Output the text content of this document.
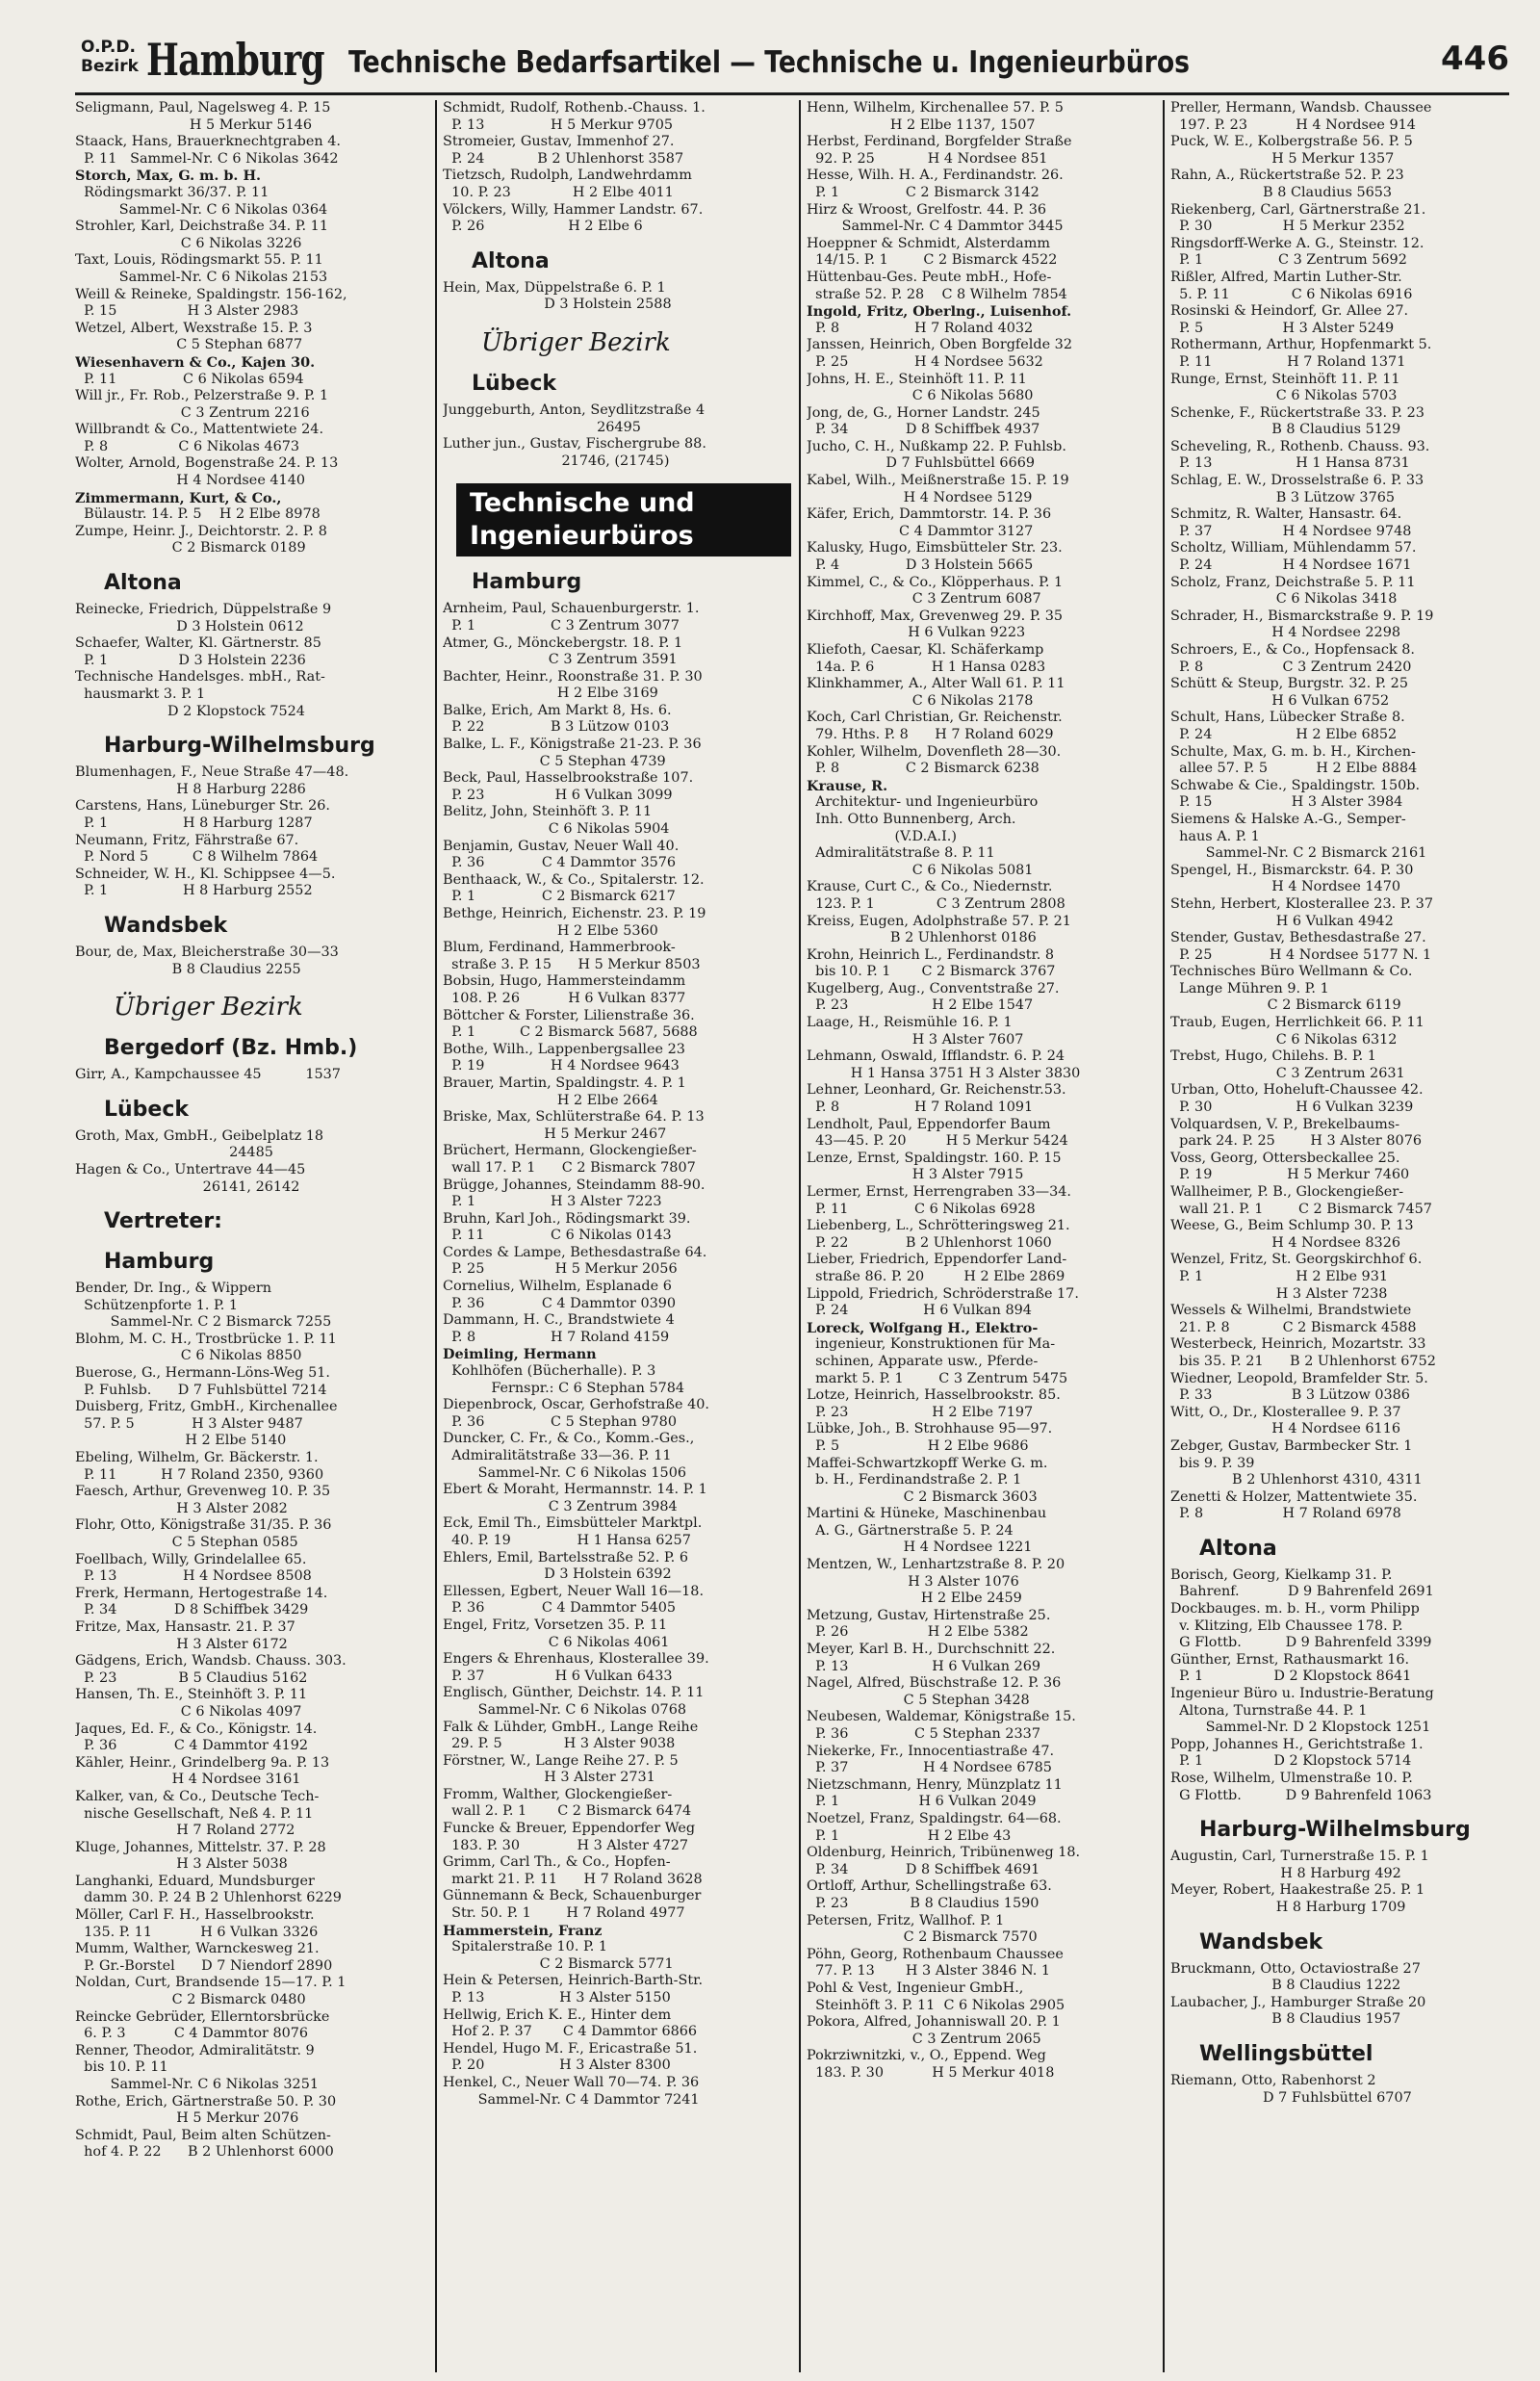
O.P.D.
Bezirk Hamburg Technische Bedarfsartikel — Technische u. Ingenieurbüros	446
Seligmann, Paul, Nagelsweg 4. P. 15
H 5 Merkur 5146
Staack, Hans, Brauerknechtgraben 4.
P. 11   Sammel-Nr. C 6 Nikolas 3642
Storch, Max, G. m. b. H.
Rödingsmarkt 36/37. P. 11
Sammel-Nr. C 6 Nikolas 0364
Strohler, Karl, Deichstraße 34. P. 11
C 6 Nikolas 3226
Taxt, Louis, Rödingsmarkt 55. P. 11
Sammel-Nr. C 6 Nikolas 2153
Weill & Reineke, Spaldingstr. 156-162,
P. 15                H 3 Alster 2983
Wetzel, Albert, Wexstraße 15. P. 3
C 5 Stephan 6877
Wiesenhavern & Co., Kajen 30.
P. 11               C 6 Nikolas 6594
Will jr., Fr. Rob., Pelzerstraße 9. P. 1
C 3 Zentrum 2216
Willbrandt & Co., Mattentwiete 24.
P. 8                C 6 Nikolas 4673
Wolter, Arnold, Bogenstraße 24. P. 13
H 4 Nordsee 4140
Zimmermann, Kurt, & Co.,
Bülaustr. 14. P. 5    H 2 Elbe 8978
Zumpe, Heinr. J., Deichtorstr. 2. P. 8
C 2 Bismarck 0189
Altona
Reinecke, Friedrich, Düppelstraße 9
D 3 Holstein 0612
Schaefer, Walter, Kl. Gärtnerstr. 85
P. 1                D 3 Holstein 2236
Technische Handelsges. mbH., Rat-
hausmarkt 3. P. 1
D 2 Klopstock 7524
Harburg-Wilhelmsburg
Blumenhagen, F., Neue Straße 47—48.
H 8 Harburg 2286
Carstens, Hans, Lüneburger Str. 26.
P. 1                 H 8 Harburg 1287
Neumann, Fritz, Fährstraße 67.
P. Nord 5          C 8 Wilhelm 7864
Schneider, W. H., Kl. Schippsee 4—5.
P. 1                 H 8 Harburg 2552
Wandsbek
Bour, de, Max, Bleicherstraße 30—33
B 8 Claudius 2255
Übriger Bezirk
Bergedorf (Bz. Hmb.)
Girr, A., Kampchaussee 45          1537
Lübeck
Groth, Max, GmbH., Geibelplatz 18
24485
Hagen & Co., Untertrave 44—45
26141, 26142
Vertreter:
Hamburg
Bender, Dr. Ing., & Wippern
Schützenpforte 1. P. 1
Sammel-Nr. C 2 Bismarck 7255
Blohm, M. C. H., Trostbrücke 1. P. 11
C 6 Nikolas 8850
Buerose, G., Hermann-Löns-Weg 51.
P. Fuhlsb.      D 7 Fuhlsbüttel 7214
Duisberg, Fritz, GmbH., Kirchenallee
57. P. 5             H 3 Alster 9487
H 2 Elbe 5140
Ebeling, Wilhelm, Gr. Bäckerstr. 1.
P. 11          H 7 Roland 2350, 9360
Faesch, Arthur, Grevenweg 10. P. 35
H 3 Alster 2082
Flohr, Otto, Königstraße 31/35. P. 36
C 5 Stephan 0585
Foellbach, Willy, Grindelallee 65.
P. 13               H 4 Nordsee 8508
Frerk, Hermann, Hertogestraße 14.
P. 34             D 8 Schiffbek 3429
Fritze, Max, Hansastr. 21. P. 37
H 3 Alster 6172
Gädgens, Erich, Wandsb. Chauss. 303.
P. 23              B 5 Claudius 5162
Hansen, Th. E., Steinhöft 3. P. 11
C 6 Nikolas 4097
Jaques, Ed. F., & Co., Königstr. 14.
P. 36             C 4 Dammtor 4192
Kähler, Heinr., Grindelberg 9a. P. 13
H 4 Nordsee 3161
Kalker, van, & Co., Deutsche Tech-
nische Gesellschaft, Neß 4. P. 11
H 7 Roland 2772
Kluge, Johannes, Mittelstr. 37. P. 28
H 3 Alster 5038
Langhanki, Eduard, Mundsburger
damm 30. P. 24 B 2 Uhlenhorst 6229
Möller, Carl F. H., Hasselbrookstr.
135. P. 11           H 6 Vulkan 3326
Mumm, Walther, Warnckesweg 21.
P. Gr.-Borstel      D 7 Niendorf 2890
Noldan, Curt, Brandsende 15—17. P. 1
C 2 Bismarck 0480
Reincke Gebrüder, Ellerntorsbrücke
6. P. 3           C 4 Dammtor 8076
Renner, Theodor, Admiralitätstr. 9
bis 10. P. 11
Sammel-Nr. C 6 Nikolas 3251
Rothe, Erich, Gärtnerstraße 50. P. 30
H 5 Merkur 2076
Schmidt, Paul, Beim alten Schützen-
hof 4. P. 22      B 2 Uhlenhorst 6000
Schmidt, Rudolf, Rothenb.-Chauss. 1.
P. 13               H 5 Merkur 9705
Stromeier, Gustav, Immenhof 27.
P. 24            B 2 Uhlenhorst 3587
Tietzsch, Rudolph, Landwehrdamm
10. P. 23              H 2 Elbe 4011
Völckers, Willy, Hammer Landstr. 67.
P. 26                   H 2 Elbe 6
Altona
Hein, Max, Düppelstraße 6. P. 1
D 3 Holstein 2588
Übriger Bezirk
Lübeck
Junggeburth, Anton, Seydlitzstraße 4
26495
Luther jun., Gustav, Fischergrube 88.
21746, (21745)
Technische und Ingenieurbüros
Hamburg
Arnheim, Paul, Schauenburgerstr. 1.
P. 1                 C 3 Zentrum 3077
Atmer, G., Mönckebergstr. 18. P. 1
C 3 Zentrum 3591
Bachter, Heinr., Roonstraße 31. P. 30
H 2 Elbe 3169
Balke, Erich, Am Markt 8, Hs. 6.
P. 22               B 3 Lützow 0103
Balke, L. F., Königstraße 21-23. P. 36
C 5 Stephan 4739
Beck, Paul, Hasselbrookstraße 107.
P. 23                H 6 Vulkan 3099
Belitz, John, Steinhöft 3. P. 11
C 6 Nikolas 5904
Benjamin, Gustav, Neuer Wall 40.
P. 36             C 4 Dammtor 3576
Benthaack, W., & Co., Spitalerstr. 12.
P. 1               C 2 Bismarck 6217
Bethge, Heinrich, Eichenstr. 23. P. 19
H 2 Elbe 5360
Blum, Ferdinand, Hammerbrook-
straße 3. P. 15      H 5 Merkur 8503
Bobsin, Hugo, Hammersteindamm
108. P. 26           H 6 Vulkan 8377
Böttcher & Forster, Lilienstraße 36.
P. 1          C 2 Bismarck 5687, 5688
Bothe, Wilh., Lappenbergsallee 23
P. 19               H 4 Nordsee 9643
Brauer, Martin, Spaldingstr. 4. P. 1
H 2 Elbe 2664
Briske, Max, Schlüterstraße 64. P. 13
H 5 Merkur 2467
Brüchert, Hermann, Glockengießer-
wall 17. P. 1      C 2 Bismarck 7807
Brügge, Johannes, Steindamm 88-90.
P. 1                 H 3 Alster 7223
Bruhn, Karl Joh., Rödingsmarkt 39.
P. 11               C 6 Nikolas 0143
Cordes & Lampe, Bethesdastraße 64.
P. 25                H 5 Merkur 2056
Cornelius, Wilhelm, Esplanade 6
P. 36             C 4 Dammtor 0390
Dammann, H. C., Brandstwiete 4
P. 8                 H 7 Roland 4159
Deimling, Hermann
Kohlhöfen (Bücherhalle). P. 3
Fernspr.: C 6 Stephan 5784
Diepenbrock, Oscar, Gerhofstraße 40.
P. 36               C 5 Stephan 9780
Duncker, C. Fr., & Co., Komm.-Ges.,
Admiralitätstraße 33—36. P. 11
Sammel-Nr. C 6 Nikolas 1506
Ebert & Moraht, Hermannstr. 14. P. 1
C 3 Zentrum 3984
Eck, Emil Th., Eimsbütteler Marktpl.
40. P. 19               H 1 Hansa 6257
Ehlers, Emil, Bartelsstraße 52. P. 6
D 3 Holstein 6392
Ellessen, Egbert, Neuer Wall 16—18.
P. 36             C 4 Dammtor 5405
Engel, Fritz, Vorsetzen 35. P. 11
C 6 Nikolas 4061
Engers & Ehrenhaus, Klosterallee 39.
P. 37                H 6 Vulkan 6433
Englisch, Günther, Deichstr. 14. P. 11
Sammel-Nr. C 6 Nikolas 0768
Falk & Lühder, GmbH., Lange Reihe
29. P. 5              H 3 Alster 9038
Förstner, W., Lange Reihe 27. P. 5
H 3 Alster 2731
Fromm, Walther, Glockengießer-
wall 2. P. 1       C 2 Bismarck 6474
Funcke & Breuer, Eppendorfer Weg
183. P. 30             H 3 Alster 4727
Grimm, Carl Th., & Co., Hopfen-
markt 21. P. 11      H 7 Roland 3628
Günnemann & Beck, Schauenburger
Str. 50. P. 1        H 7 Roland 4977
Hammerstein, Franz
Spitalerstraße 10. P. 1
C 2 Bismarck 5771
Hein & Petersen, Heinrich-Barth-Str.
P. 13                 H 3 Alster 5150
Hellwig, Erich K. E., Hinter dem
Hof 2. P. 37       C 4 Dammtor 6866
Hendel, Hugo M. F., Ericastraße 51.
P. 20                 H 3 Alster 8300
Henkel, C., Neuer Wall 70—74. P. 36
Sammel-Nr. C 4 Dammtor 7241
Henn, Wilhelm, Kirchenallee 57. P. 5
H 2 Elbe 1137, 1507
Herbst, Ferdinand, Borgfelder Straße
92. P. 25            H 4 Nordsee 851
Hesse, Wilh. H. A., Ferdinandstr. 26.
P. 1               C 2 Bismarck 3142
Hirz & Wroost, Grelfostr. 44. P. 36
Sammel-Nr. C 4 Dammtor 3445
Hoeppner & Schmidt, Alsterdamm
14/15. P. 1        C 2 Bismarck 4522
Hüttenbau-Ges. Peute mbH., Hofe-
straße 52. P. 28    C 8 Wilhelm 7854
Ingold, Fritz, Oberlng., Luisenhof.
P. 8                 H 7 Roland 4032
Janssen, Heinrich, Oben Borgfelde 32
P. 25               H 4 Nordsee 5632
Johns, H. E., Steinhöft 11. P. 11
C 6 Nikolas 5680
Jong, de, G., Horner Landstr. 245
P. 34             D 8 Schiffbek 4937
Jucho, C. H., Nußkamp 22. P. Fuhlsb.
D 7 Fuhlsbüttel 6669
Kabel, Wilh., Meißnerstraße 15. P. 19
H 4 Nordsee 5129
Käfer, Erich, Dammtorstr. 14. P. 36
C 4 Dammtor 3127
Kalusky, Hugo, Eimsbütteler Str. 23.
P. 4               D 3 Holstein 5665
Kimmel, C., & Co., Klöpperhaus. P. 1
C 3 Zentrum 6087
Kirchhoff, Max, Grevenweg 29. P. 35
H 6 Vulkan 9223
Kliefoth, Caesar, Kl. Schäferkamp
14a. P. 6             H 1 Hansa 0283
Klinkhammer, A., Alter Wall 61. P. 11
C 6 Nikolas 2178
Koch, Carl Christian, Gr. Reichenstr.
79. Hths. P. 8      H 7 Roland 6029
Kohler, Wilhelm, Dovenfleth 28—30.
P. 8               C 2 Bismarck 6238
Krause, R.
Architektur- und Ingenieurbüro
Inh. Otto Bunnenberg, Arch.
(V.D.A.I.)
Admiralitätstraße 8. P. 11
C 6 Nikolas 5081
Krause, Curt C., & Co., Niedernstr.
123. P. 1              C 3 Zentrum 2808
Kreiss, Eugen, Adolphstraße 57. P. 21
B 2 Uhlenhorst 0186
Krohn, Heinrich L., Ferdinandstr. 8
bis 10. P. 1       C 2 Bismarck 3767
Kugelberg, Aug., Conventstraße 27.
P. 23                   H 2 Elbe 1547
Laage, H., Reismühle 16. P. 1
H 3 Alster 7607
Lehmann, Oswald, Ifflandstr. 6. P. 24
H 1 Hansa 3751 H 3 Alster 3830
Lehner, Leonhard, Gr. Reichenstr.53.
P. 8                 H 7 Roland 1091
Lendholt, Paul, Eppendorfer Baum
43—45. P. 20         H 5 Merkur 5424
Lenze, Ernst, Spaldingstr. 160. P. 15
H 3 Alster 7915
Lermer, Ernst, Herrengraben 33—34.
P. 11               C 6 Nikolas 6928
Liebenberg, L., Schrötteringsweg 21.
P. 22             B 2 Uhlenhorst 1060
Lieber, Friedrich, Eppendorfer Land-
straße 86. P. 20         H 2 Elbe 2869
Lippold, Friedrich, Schröderstraße 17.
P. 24                 H 6 Vulkan 894
Loreck, Wolfgang H., Elektro-
ingenieur, Konstruktionen für Ma-
schinen, Apparate usw., Pferde-
markt 5. P. 1        C 3 Zentrum 5475
Lotze, Heinrich, Hasselbrookstr. 85.
P. 23                   H 2 Elbe 7197
Lübke, Joh., B. Strohhause 95—97.
P. 5                    H 2 Elbe 9686
Maffei-Schwartzkopff Werke G. m.
b. H., Ferdinandstraße 2. P. 1
C 2 Bismarck 3603
Martini & Hüneke, Maschinenbau
A. G., Gärtnerstraße 5. P. 24
H 4 Nordsee 1221
Mentzen, W., Lenhartzstraße 8. P. 20
H 3 Alster 1076
H 2 Elbe 2459
Metzung, Gustav, Hirtenstraße 25.
P. 26                  H 2 Elbe 5382
Meyer, Karl B. H., Durchschnitt 22.
P. 13                   H 6 Vulkan 269
Nagel, Alfred, Büschstraße 12. P. 36
C 5 Stephan 3428
Neubesen, Waldemar, Königstraße 15.
P. 36               C 5 Stephan 2337
Niekerke, Fr., Innocentiastraße 47.
P. 37                 H 4 Nordsee 6785
Nietzschmann, Henry, Münzplatz 11
P. 1                  H 6 Vulkan 2049
Noetzel, Franz, Spaldingstr. 64—68.
P. 1                    H 2 Elbe 43
Oldenburg, Heinrich, Tribünenweg 18.
P. 34             D 8 Schiffbek 4691
Ortloff, Arthur, Schellingstraße 63.
P. 23              B 8 Claudius 1590
Petersen, Fritz, Wallhof. P. 1
C 2 Bismarck 7570
Pöhn, Georg, Rothenbaum Chaussee
77. P. 13       H 3 Alster 3846 N. 1
Pohl & Vest, Ingenieur GmbH.,
Steinhöft 3. P. 11  C 6 Nikolas 2905
Pokora, Alfred, Johanniswall 20. P. 1
C 3 Zentrum 2065
Pokrziwnitzki, v., O., Eppend. Weg
183. P. 30           H 5 Merkur 4018
Preller, Hermann, Wandsb. Chaussee
197. P. 23           H 4 Nordsee 914
Puck, W. E., Kolbergstraße 56. P. 5
H 5 Merkur 1357
Rahn, A., Rückertstraße 52. P. 23
B 8 Claudius 5653
Riekenberg, Carl, Gärtnerstraße 21.
P. 30                H 5 Merkur 2352
Ringsdorff-Werke A. G., Steinstr. 12.
P. 1                 C 3 Zentrum 5692
Rißler, Alfred, Martin Luther-Str.
5. P. 11              C 6 Nikolas 6916
Rosinski & Heindorf, Gr. Allee 27.
P. 5                  H 3 Alster 5249
Rothermann, Arthur, Hopfenmarkt 5.
P. 11                 H 7 Roland 1371
Runge, Ernst, Steinhöft 11. P. 11
C 6 Nikolas 5703
Schenke, F., Rückertstraße 33. P. 23
B 8 Claudius 5129
Scheveling, R., Rothenb. Chauss. 93.
P. 13                   H 1 Hansa 8731
Schlag, E. W., Drosselstraße 6. P. 33
B 3 Lützow 3765
Schmitz, R. Walter, Hansastr. 64.
P. 37                H 4 Nordsee 9748
Scholtz, William, Mühlendamm 57.
P. 24                H 4 Nordsee 1671
Scholz, Franz, Deichstraße 5. P. 11
C 6 Nikolas 3418
Schrader, H., Bismarckstraße 9. P. 19
H 4 Nordsee 2298
Schroers, E., & Co., Hopfensack 8.
P. 8                  C 3 Zentrum 2420
Schütt & Steup, Burgstr. 32. P. 25
H 6 Vulkan 6752
Schult, Hans, Lübecker Straße 8.
P. 24                   H 2 Elbe 6852
Schulte, Max, G. m. b. H., Kirchen-
allee 57. P. 5           H 2 Elbe 8884
Schwabe & Cie., Spaldingstr. 150b.
P. 15                  H 3 Alster 3984
Siemens & Halske A.-G., Semper-
haus A. P. 1
Sammel-Nr. C 2 Bismarck 2161
Spengel, H., Bismarckstr. 64. P. 30
H 4 Nordsee 1470
Stehn, Herbert, Klosterallee 23. P. 37
H 6 Vulkan 4942
Stender, Gustav, Bethesdastraße 27.
P. 25             H 4 Nordsee 5177 N. 1
Technisches Büro Wellmann & Co.
Lange Mühren 9. P. 1
C 2 Bismarck 6119
Traub, Eugen, Herrlichkeit 66. P. 11
C 6 Nikolas 6312
Trebst, Hugo, Chilehs. B. P. 1
C 3 Zentrum 2631
Urban, Otto, Hoheluft-Chaussee 42.
P. 30                   H 6 Vulkan 3239
Volquardsen, V. P., Brekelbaums-
park 24. P. 25        H 3 Alster 8076
Voss, Georg, Ottersbeckallee 25.
P. 19                 H 5 Merkur 7460
Wallheimer, P. B., Glockengießer-
wall 21. P. 1        C 2 Bismarck 7457
Weese, G., Beim Schlump 30. P. 13
H 4 Nordsee 8326
Wenzel, Fritz, St. Georgskirchhof 6.
P. 1                     H 2 Elbe 931
H 3 Alster 7238
Wessels & Wilhelmi, Brandstwiete
21. P. 8            C 2 Bismarck 4588
Westerbeck, Heinrich, Mozartstr. 33
bis 35. P. 21      B 2 Uhlenhorst 6752
Wiedner, Leopold, Bramfelder Str. 5.
P. 33                  B 3 Lützow 0386
Witt, O., Dr., Klosterallee 9. P. 37
H 4 Nordsee 6116
Zebger, Gustav, Barmbecker Str. 1
bis 9. P. 39
B 2 Uhlenhorst 4310, 4311
Zenetti & Holzer, Mattentwiete 35.
P. 8                  H 7 Roland 6978
Altona
Borisch, Georg, Kielkamp 31. P.
Bahrenf.           D 9 Bahrenfeld 2691
Dockbauges. m. b. H., vorm Philipp
v. Klitzing, Elb Chaussee 178. P.
G Flottb.          D 9 Bahrenfeld 3399
Günther, Ernst, Rathausmarkt 16.
P. 1                D 2 Klopstock 8641
Ingenieur Büro u. Industrie-Beratung
Altona, Turnstraße 44. P. 1
Sammel-Nr. D 2 Klopstock 1251
Popp, Johannes H., Gerichtstraße 1.
P. 1                D 2 Klopstock 5714
Rose, Wilhelm, Ulmenstraße 10. P.
G Flottb.          D 9 Bahrenfeld 1063
Harburg-Wilhelmsburg
Augustin, Carl, Turnerstraße 15. P. 1
H 8 Harburg 492
Meyer, Robert, Haakestraße 25. P. 1
H 8 Harburg 1709
Wandsbek
Bruckmann, Otto, Octaviostraße 27
B 8 Claudius 1222
Laubacher, J., Hamburger Straße 20
B 8 Claudius 1957
Wellingsbüttel
Riemann, Otto, Rabenhorst 2
D 7 Fuhlsbüttel 6707
